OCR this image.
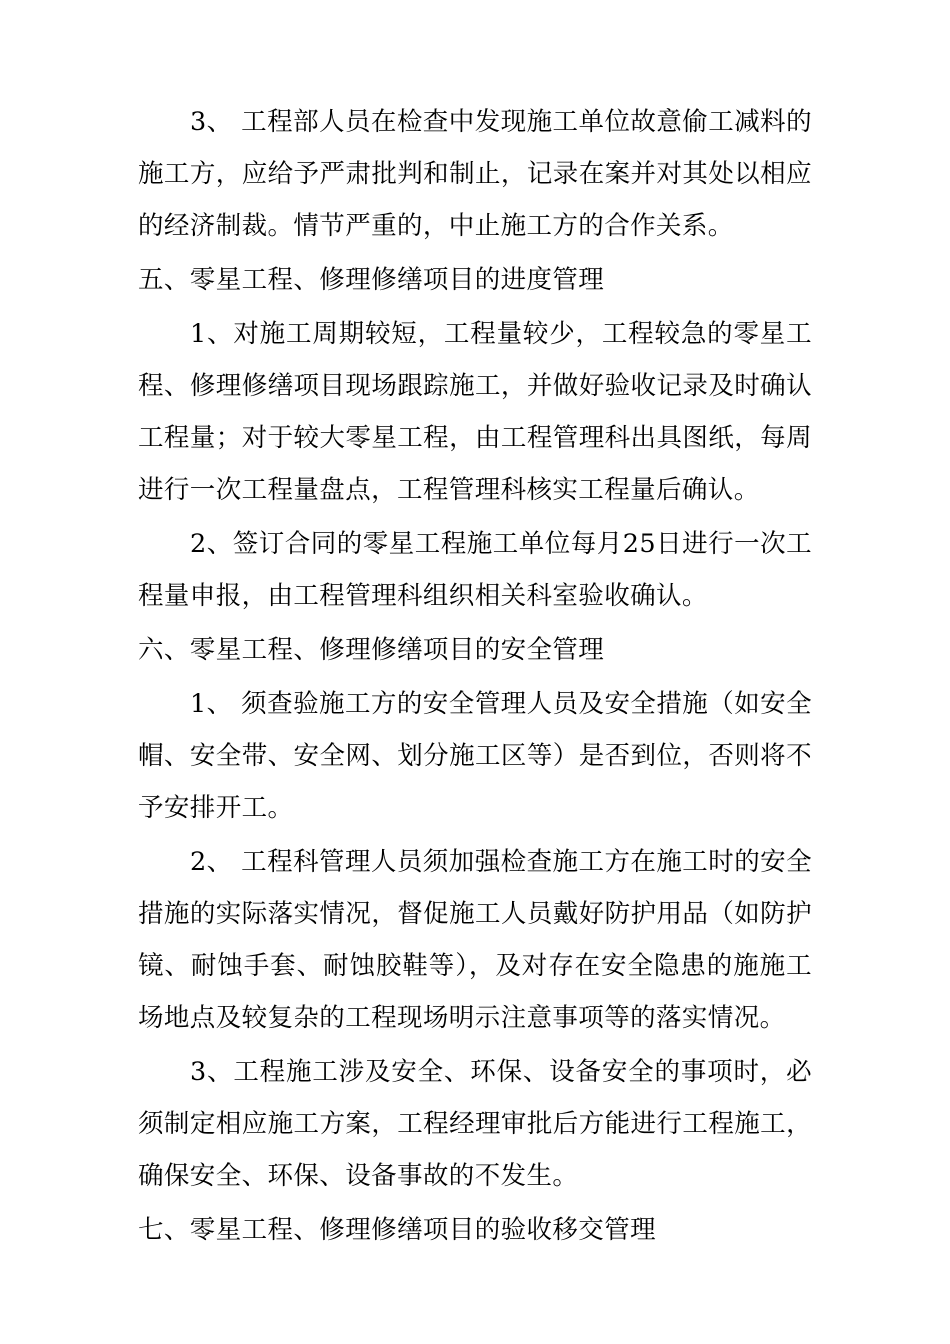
3、 工程部人员在检查中发现施工单位故意偷工减料的施工方，应给予严肃批判和制止，记录在案并对其处以相应的经济制裁。情节严重的，中止施工方的合作关系。

五、零星工程、修理修缮项目的进度管理

1、对施工周期较短，工程量较少，工程较急的零星工程、修理修缮项目现场跟踪施工，并做好验收记录及时确认工程量；对于较大零星工程，由工程管理科出具图纸，每周进行一次工程量盘点，工程管理科核实工程量后确认。

2、签订合同的零星工程施工单位每月25日进行一次工程量申报，由工程管理科组织相关科室验收确认。

六、零星工程、修理修缮项目的安全管理

1、 须查验施工方的安全管理人员及安全措施（如安全帽、安全带、安全网、划分施工区等）是否到位，否则将不予安排开工。

2、 工程科管理人员须加强检查施工方在施工时的安全措施的实际落实情况，督促施工人员戴好防护用品（如防护镜、耐蚀手套、耐蚀胶鞋等），及对存在安全隐患的施施工场地点及较复杂的工程现场明示注意事项等的落实情况。

3、工程施工涉及安全、环保、设备安全的事项时，必须制定相应施工方案，工程经理审批后方能进行工程施工，确保安全、环保、设备事故的不发生。

七、零星工程、修理修缮项目的验收移交管理
